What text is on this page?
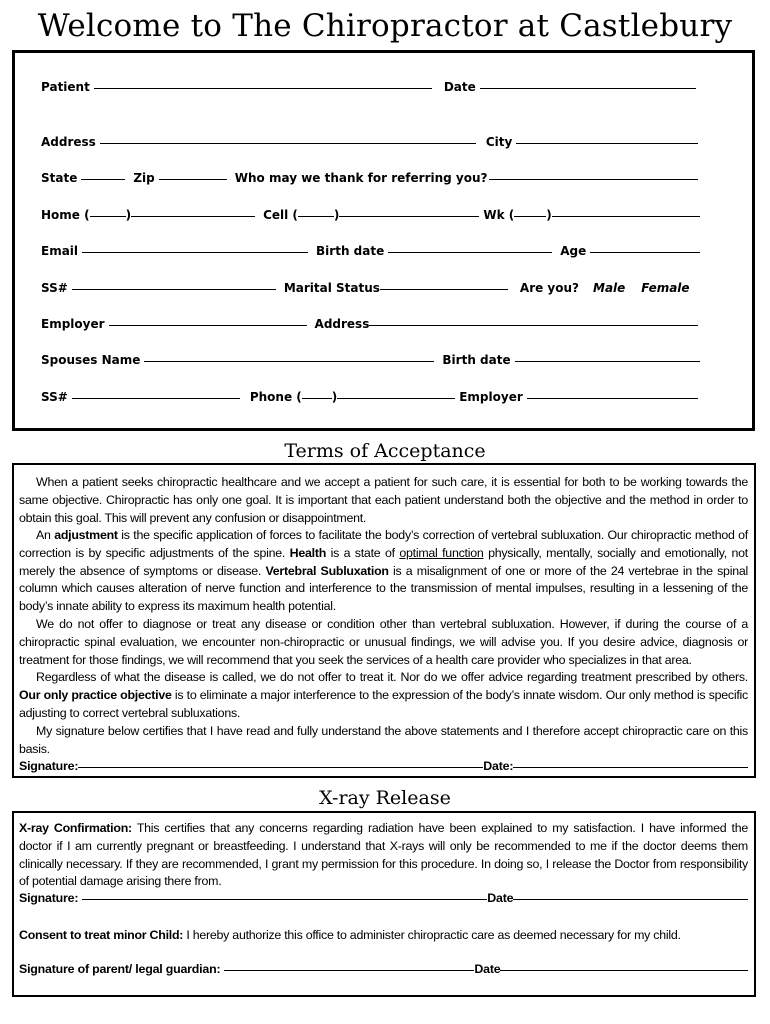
Welcome to The Chiropractor at Castlebury
Patient	Date
Address	City
State	Zip	Who may we thank for referring you?
Home (	)	Cell (	)	Wk (	)
Email	Birth date	Age
SS#	Marital Status	Are you? Male Female
Employer	Address
Spouses Name	Birth date
SS#	Phone (	)	Employer
Terms of Acceptance

When a patient seeks chiropractic healthcare and we accept a patient for such care, it is essential for both to be working towards the same objective. Chiropractic has only one goal. It is important that each patient understand both the objective and the method in order to obtain this goal. This will prevent any confusion or disappointment.

An adjustment is the specific application of forces to facilitate the body’s correction of vertebral subluxation. Our chiropractic method of correction is by specific adjustments of the spine. Health is a state of optimal function physically, mentally, socially and emotionally, not merely the absence of symptoms or disease. Vertebral Subluxation is a misalignment of one or more of the 24 vertebrae in the spinal column which causes alteration of nerve function and interference to the transmission of mental impulses, resulting in a lessening of the body’s innate ability to express its maximum health potential.

We do not offer to diagnose or treat any disease or condition other than vertebral subluxation. However, if during the course of a chiropractic spinal evaluation, we encounter non-chiropractic or unusual findings, we will advise you. If you desire advice, diagnosis or treatment for those findings, we will recommend that you seek the services of a health care provider who specializes in that area.

Regardless of what the disease is called, we do not offer to treat it. Nor do we offer advice regarding treatment prescribed by others. Our only practice objective is to eliminate a major interference to the expression of the body’s innate wisdom. Our only method is specific adjusting to correct vertebral subluxations.

My signature below certifies that I have read and fully understand the above statements and I therefore accept chiropractic care on this basis.

Signature:	Date:
X-ray Release

X-ray Confirmation: This certifies that any concerns regarding radiation have been explained to my satisfaction. I have informed the doctor if I am currently pregnant or breastfeeding. I understand that X-rays will only be recommended to me if the doctor deems them clinically necessary. If they are recommended, I grant my permission for this procedure. In doing so, I release the Doctor from responsibility of potential damage arising there from.

Signature:	Date

Consent to treat minor Child: I hereby authorize this office to administer chiropractic care as deemed necessary for my child.

Signature of parent/ legal guardian:	Date
